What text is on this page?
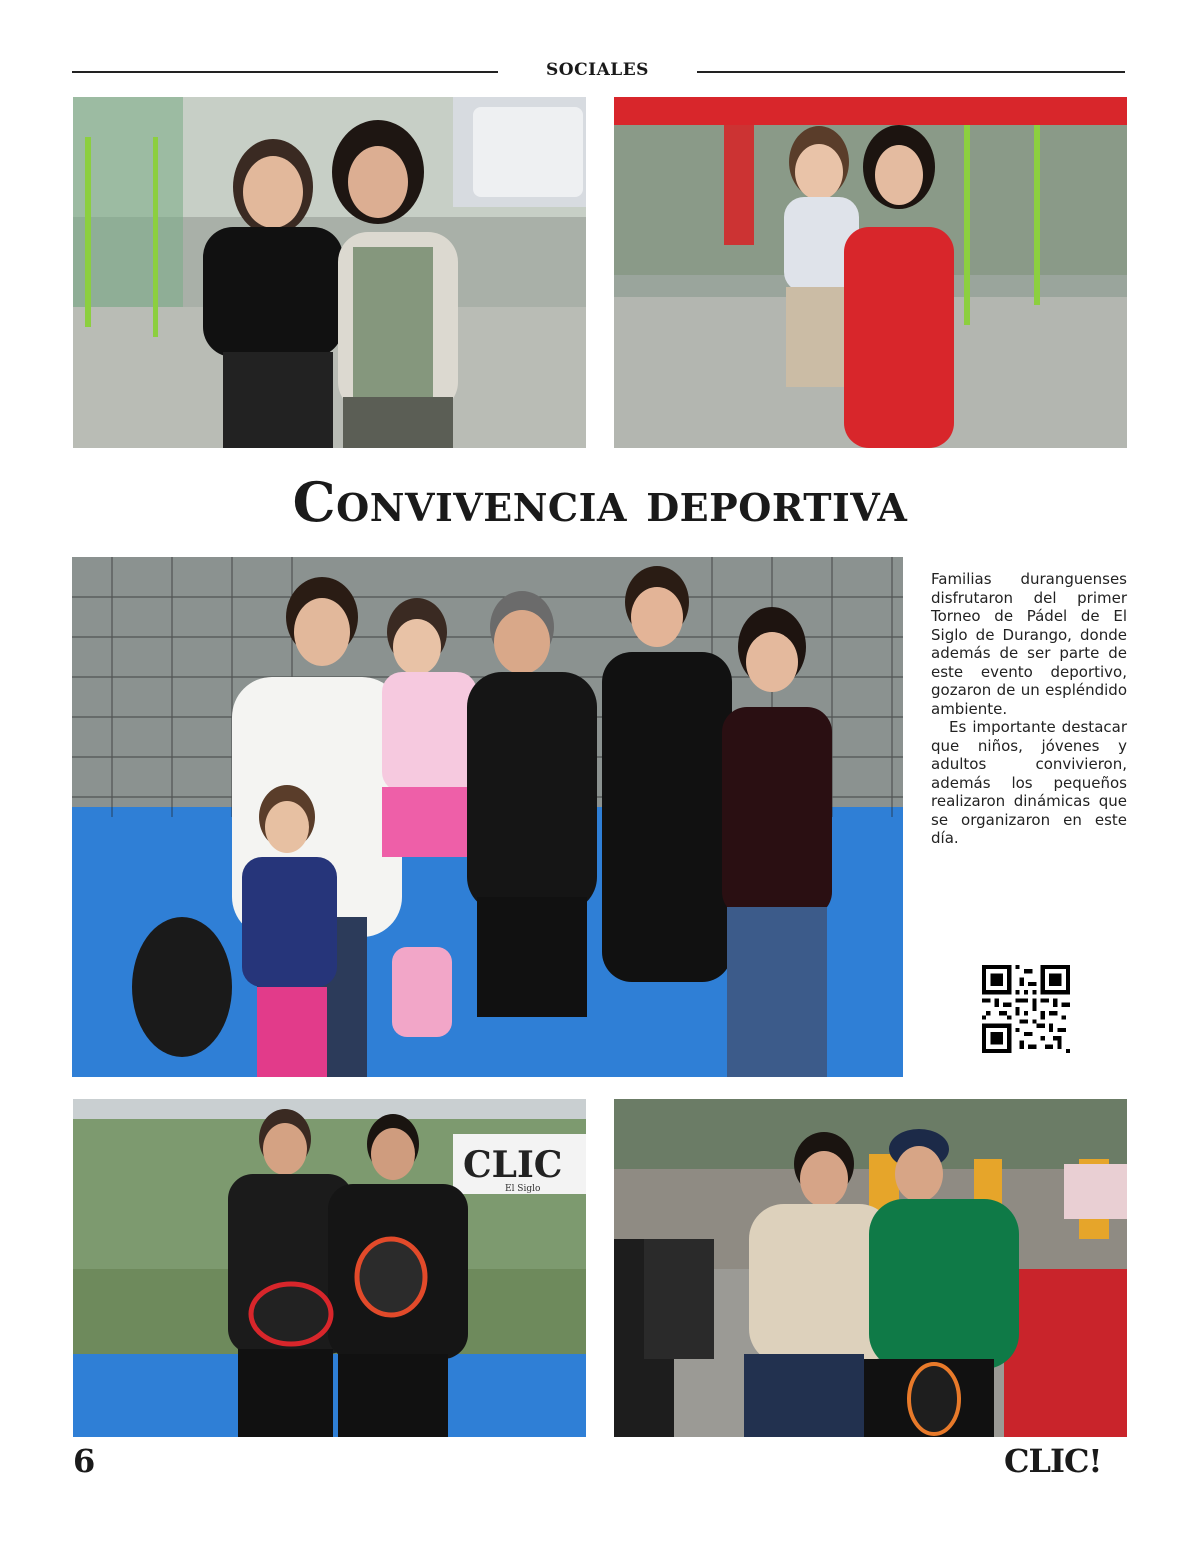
SOCIALES
Convivencia deportiva

Familias duranguenses disfrutaron del primer Torneo de Pádel de El Siglo de Durango, donde además de ser parte de este evento deportivo, gozaron de un espléndido ambiente.

Es importante destacar que niños, jóvenes y adultos convivieron, además los pequeños realizaron dinámicas que se organizaron en este día.

CLIC
El Siglo
6	CLIC!
